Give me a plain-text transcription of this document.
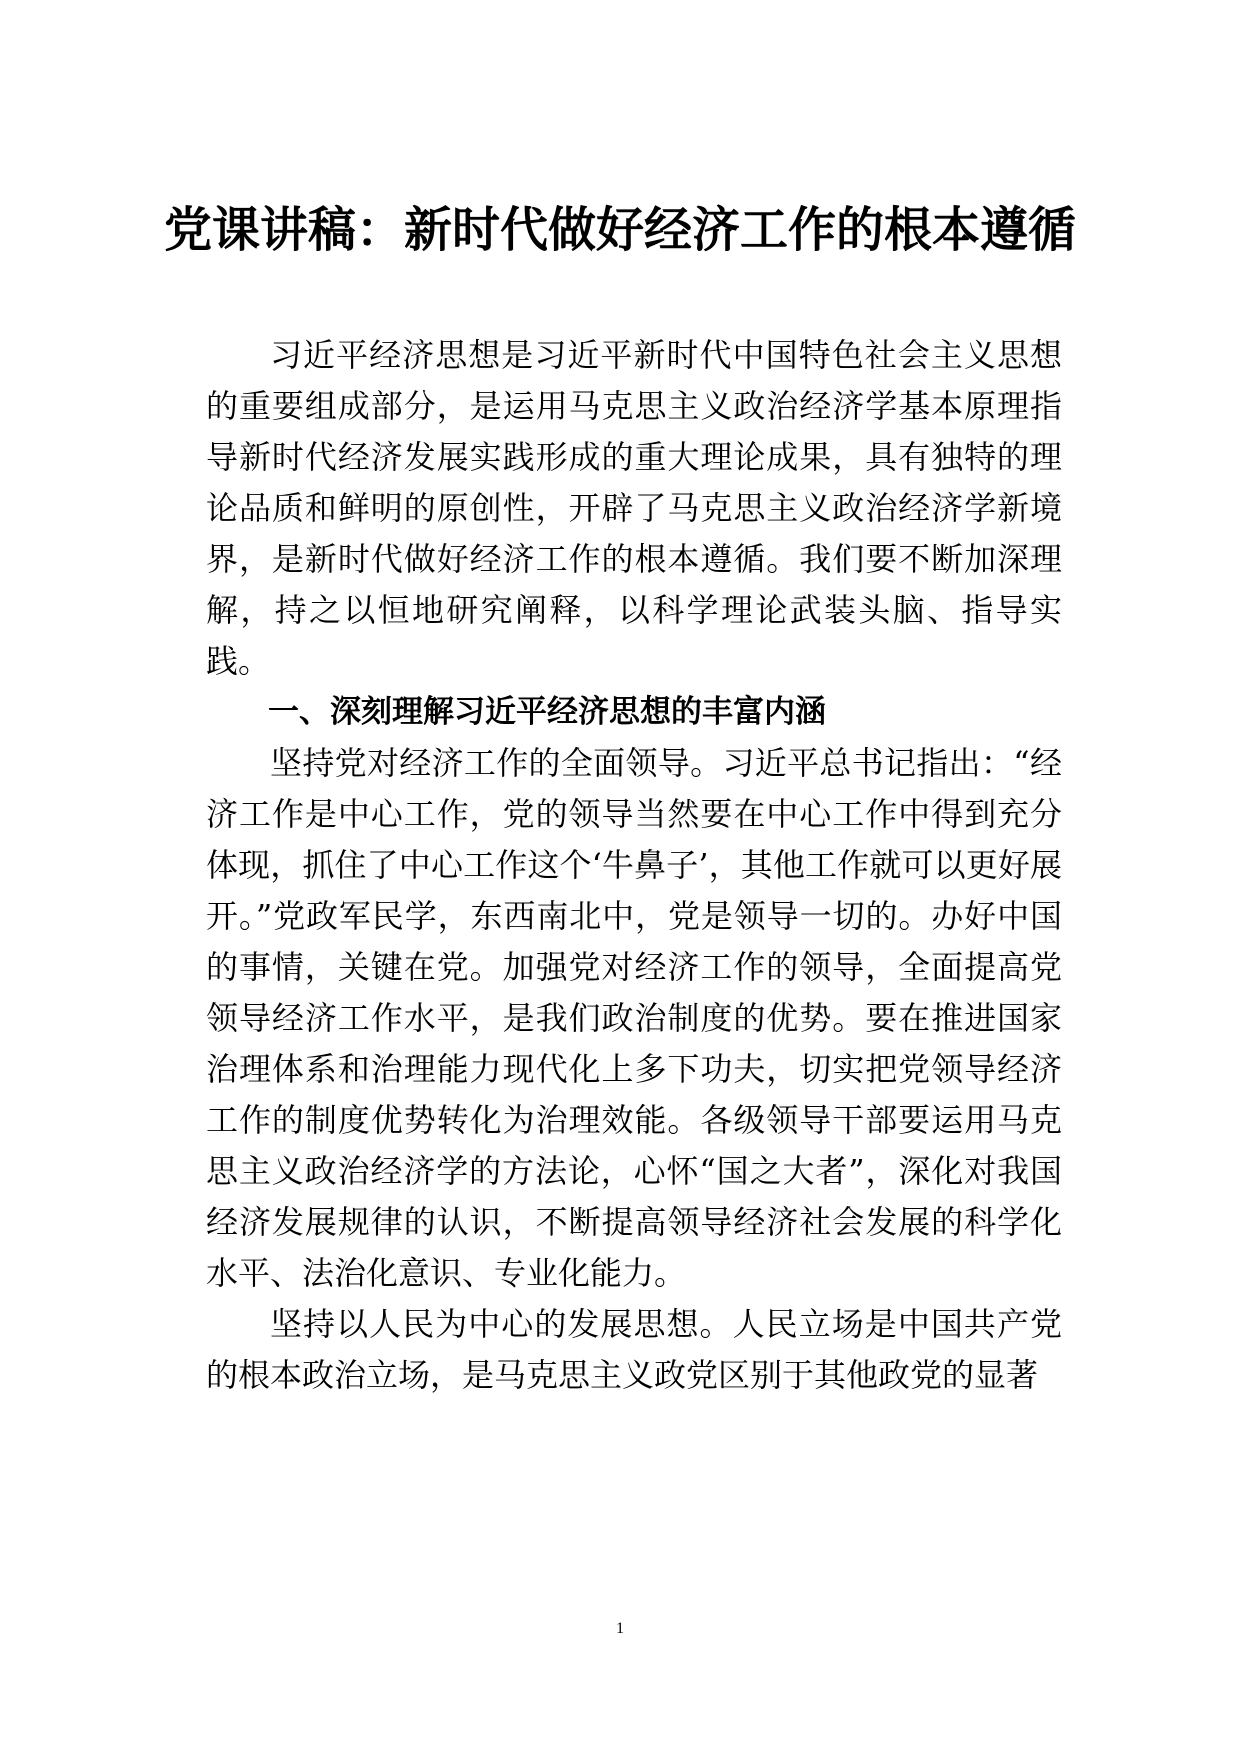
党课讲稿：新时代做好经济工作的根本遵循

习近平经济思想是习近平新时代中国特色社会主义思想的重要组成部分，是运用马克思主义政治经济学基本原理指导新时代经济发展实践形成的重大理论成果，具有独特的理论品质和鲜明的原创性，开辟了马克思主义政治经济学新境界，是新时代做好经济工作的根本遵循。我们要不断加深理解，持之以恒地研究阐释，以科学理论武装头脑、指导实践。

一、深刻理解习近平经济思想的丰富内涵

坚持党对经济工作的全面领导。习近平总书记指出：“经济工作是中心工作，党的领导当然要在中心工作中得到充分体现，抓住了中心工作这个‘牛鼻子’，其他工作就可以更好展开。”党政军民学，东西南北中，党是领导一切的。办好中国的事情，关键在党。加强党对经济工作的领导，全面提高党领导经济工作水平，是我们政治制度的优势。要在推进国家治理体系和治理能力现代化上多下功夫，切实把党领导经济工作的制度优势转化为治理效能。各级领导干部要运用马克思主义政治经济学的方法论，心怀“国之大者”，深化对我国经济发展规律的认识，不断提高领导经济社会发展的科学化水平、法治化意识、专业化能力。

坚持以人民为中心的发展思想。人民立场是中国共产党的根本政治立场，是马克思主义政党区别于其他政党的显著

1
